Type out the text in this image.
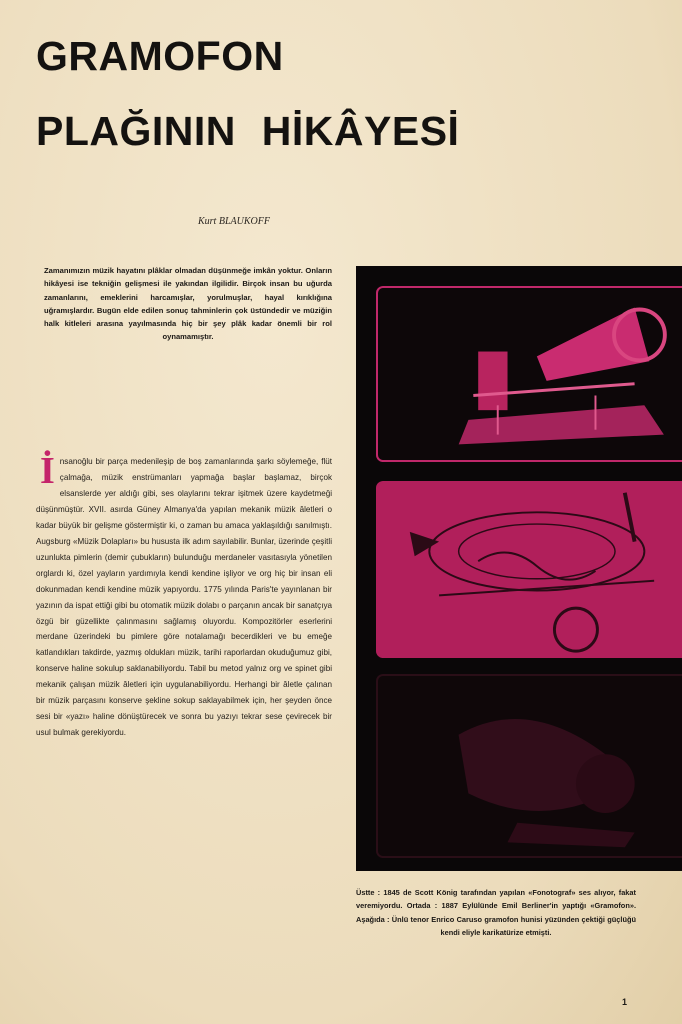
GRAMOFON
PLAĞININ HİKÂYESİ
Kurt BLAUKOFF
Zamanımızın müzik hayatını plâklar olmadan düşünmeğe imkân yoktur. Onların hikâyesi ise tekniğin gelişmesi ile yakından ilgilidir. Birçok insan bu uğurda zamanlarını, emeklerini harcamışlar, yorulmuşlar, hayal kırıklığına uğramışlardır. Bugün elde edilen sonuç tahminlerin çok üstündedir ve müziğin halk kitleleri arasına yayılmasında hiç bir şey plâk kadar önemli bir rol oynamamıştır.
İ nsanoğlu bir parça medenileşip de boş zamanlarında şarkı söylemeğe, flüt çalmağa, müzik enstrümanları yapmağa başlar başlamaz, birçok elsanslerde yer aldığı gibi, ses olaylarını tekrar işitmek üzere kaydetmeği düşünmüştür. XVII. asırda Güney Almanya'da yapılan mekanik müzik âletleri o kadar büyük bir gelişme göstermiştir ki, o zaman bu amaca yaklaşıldığı sanılmıştı. Augsburg «Müzik Dolapları» bu hususta ilk adım sayılabilir. Bunlar, üzerinde çeşitli uzunlukta pimlerin (demir çubukların) bulunduğu merdaneler vasıtasıyla yönetilen orglardı ki, özel yayların yardımıyla kendi kendine işliyor ve org hiç bir insan eli dokunmadan kendi kendine müzik yapıyordu. 1775 yılında Paris'te yayınlanan bir yazının da ispat ettiği gibi bu otomatik müzik dolabı o parçanın ancak bir sanatçıya özgü bir güzellikte çalınmasını sağlamış oluyordu. Kompozitörler eserlerini merdane üzerindeki bu pimlere göre notalamağı becerdikleri ve bu emeğe katlandıkları takdirde, yazmış oldukları müzik, tarihi raporlardan okuduğumuz gibi, konserve haline sokulup saklanabiliyordu. Tabil bu metod yalnız org ve spinet gibi mekanik çalışan müzik âletleri için uygulanabiliyordu. Herhangi bir âletle çalınan bir müzik parçasını konserve şekline sokup saklayabilmek için, her şeyden önce sesi bir «yazı» haline dönüştürecek ve sonra bu yazıyı tekrar sese çevirecek bir usul bulmak gerekiyordu.
Üstte : 1845 de Scott König tarafından yapılan «Fonotograf» ses alıyor, fakat veremiyordu. Ortada : 1887 Eylülünde Emil Berliner'in yaptığı «Gramofon». Aşağıda : Ünlü tenor Enrico Caruso gramofon hunisi yüzünden çektiği güçlüğü kendi eliyle karikatürize etmişti.
1
